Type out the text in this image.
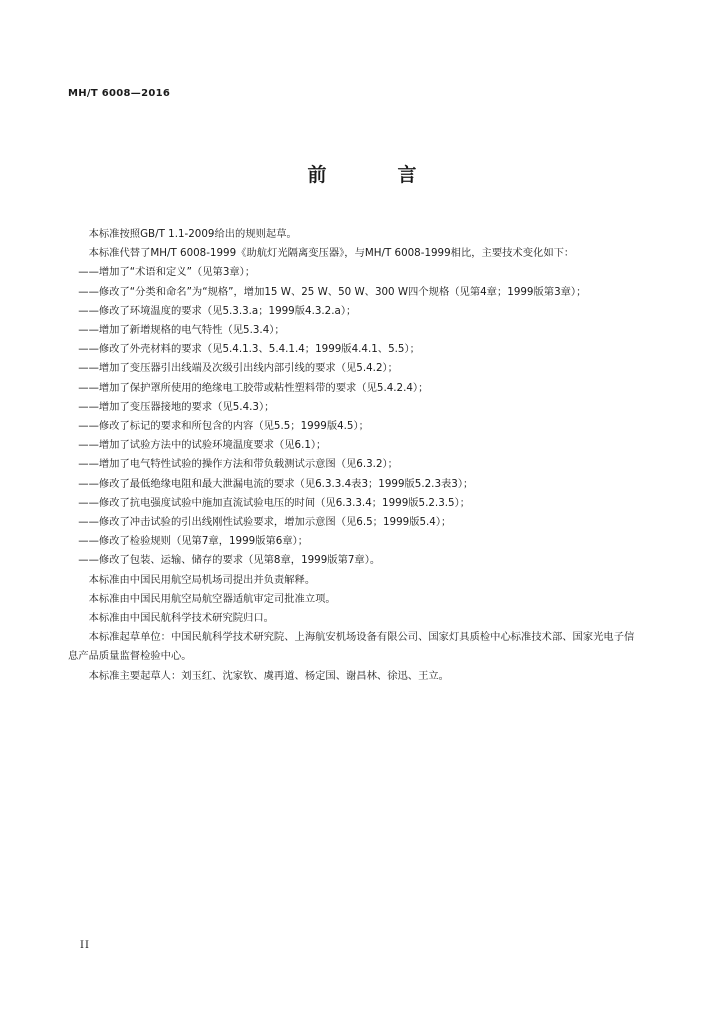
MH/T 6008—2016
前　言

本标准按照GB/T 1.1-2009给出的规则起草。

本标准代替了MH/T 6008-1999《助航灯光隔离变压器》，与MH/T 6008-1999相比，主要技术变化如下：

——增加了“术语和定义”（见第3章）；

——修改了“分类和命名”为“规格”，增加15 W、25 W、50 W、300 W四个规格（见第4章；1999版第3章）；

——修改了环境温度的要求（见5.3.3.a；1999版4.3.2.a）；

——增加了新增规格的电气特性（见5.3.4）；

——修改了外壳材料的要求（见5.4.1.3、5.4.1.4；1999版4.4.1、5.5）；

——增加了变压器引出线端及次级引出线内部引线的要求（见5.4.2）；

——增加了保护罩所使用的绝缘电工胶带或粘性塑料带的要求（见5.4.2.4）；

——增加了变压器接地的要求（见5.4.3）；

——修改了标记的要求和所包含的内容（见5.5；1999版4.5）；

——增加了试验方法中的试验环境温度要求（见6.1）；

——增加了电气特性试验的操作方法和带负载测试示意图（见6.3.2）；

——修改了最低绝缘电阻和最大泄漏电流的要求（见6.3.3.4表3；1999版5.2.3表3）；

——修改了抗电强度试验中施加直流试验电压的时间（见6.3.3.4；1999版5.2.3.5）；

——修改了冲击试验的引出线刚性试验要求，增加示意图（见6.5；1999版5.4）；

——修改了检验规则（见第7章，1999版第6章）；

——修改了包装、运输、储存的要求（见第8章，1999版第7章）。

本标准由中国民用航空局机场司提出并负责解释。

本标准由中国民用航空局航空器适航审定司批准立项。

本标准由中国民航科学技术研究院归口。

本标准起草单位：中国民航科学技术研究院、上海航安机场设备有限公司、国家灯具质检中心标准技术部、国家光电子信息产品质量监督检验中心。

本标准主要起草人：刘玉红、沈家钦、虞再道、杨定国、谢昌林、徐迅、王立。

II
